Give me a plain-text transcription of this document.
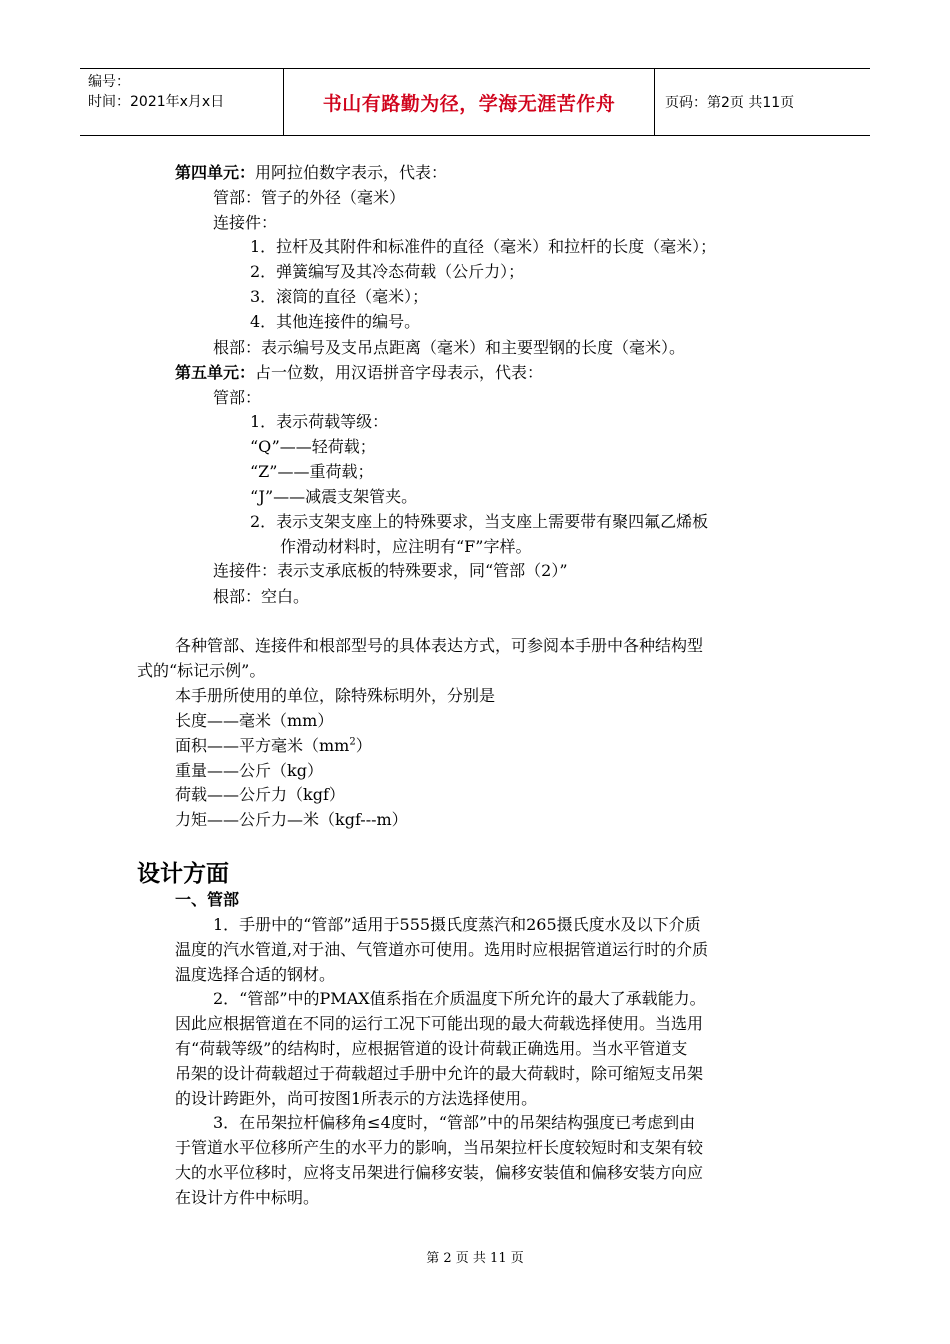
编号：
时间：2021年x月x日	书山有路勤为径，学海无涯苦作舟	页码：第2页 共11页
第四单元：用阿拉伯数字表示，代表：
管部：管子的外径（毫米）
连接件：
1．拉杆及其附件和标准件的直径（毫米）和拉杆的长度（毫米）；
2．弹簧编写及其冷态荷载（公斤力）；
3．滚筒的直径（毫米）；
4．其他连接件的编号。
根部：表示编号及支吊点距离（毫米）和主要型钢的长度（毫米）。
第五单元：占一位数，用汉语拼音字母表示，代表：
管部：
1．表示荷载等级：
“Q”——轻荷载；
“Z”——重荷载；
“J”——减震支架管夹。
2．表示支架支座上的特殊要求，当支座上需要带有聚四氟乙烯板
作滑动材料时，应注明有“F”字样。
连接件：表示支承底板的特殊要求，同“管部（2）”
根部：空白。
各种管部、连接件和根部型号的具体表达方式，可参阅本手册中各种结构型
式的“标记示例”。
本手册所使用的单位，除特殊标明外，分别是
长度——毫米（mm）
面积——平方毫米$(mm^2)$
重量——公斤（kg）
荷载——公斤力（kgf）
力矩——公斤力—米（kgf---m）
设计方面
一、管部
1．手册中的“管部”适用于555摄氏度蒸汽和265摄氏度水及以下介质
温度的汽水管道,对于油、气管道亦可使用。选用时应根据管道运行时的介质
温度选择合适的钢材。
2．“管部”中的PMAX值系指在介质温度下所允许的最大了承载能力。
因此应根据管道在不同的运行工况下可能出现的最大荷载选择使用。当选用
有“荷载等级”的结构时，应根据管道的设计荷载正确选用。当水平管道支
吊架的设计荷载超过于荷载超过手册中允许的最大荷载时，除可缩短支吊架
的设计跨距外，尚可按图1所表示的方法选择使用。
3．在吊架拉杆偏移角≤4度时，“管部”中的吊架结构强度已考虑到由
于管道水平位移所产生的水平力的影响，当吊架拉杆长度较短时和支架有较
大的水平位移时，应将支吊架进行偏移安装，偏移安装值和偏移安装方向应
在设计方件中标明。
第 2 页 共 11 页
